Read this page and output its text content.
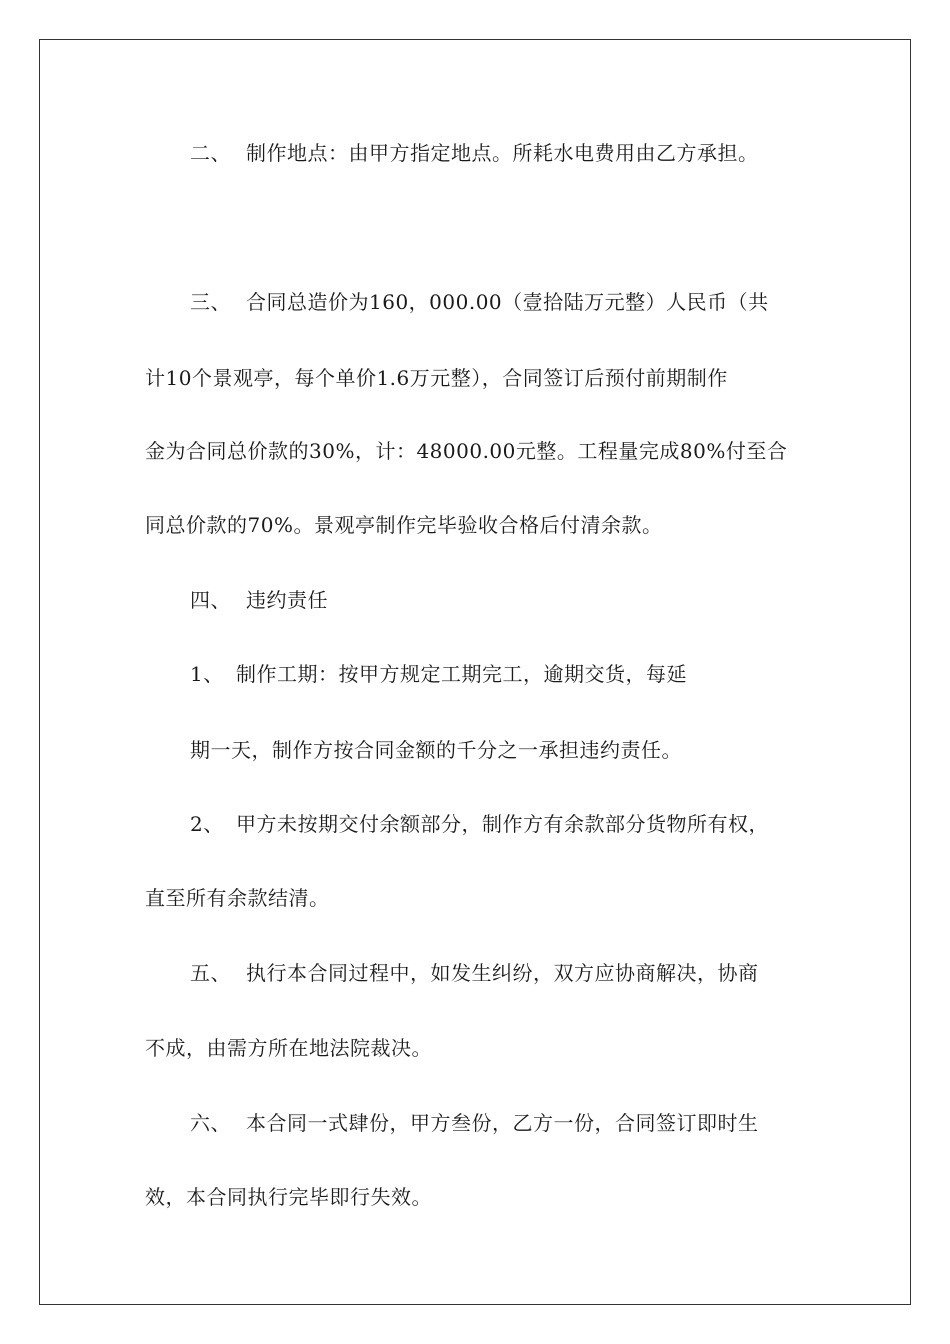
二、 制作地点：由甲方指定地点。所耗水电费用由乙方承担。
三、 合同总造价为160，000.00（壹拾陆万元整）人民币（共
计10个景观亭，每个单价1.6万元整），合同签订后预付前期制作
金为合同总价款的30%，计：48000.00元整。工程量完成80%付至合
同总价款的70%。景观亭制作完毕验收合格后付清余款。
四、 违约责任
1、 制作工期：按甲方规定工期完工，逾期交货，每延
期一天，制作方按合同金额的千分之一承担违约责任。
2、 甲方未按期交付余额部分，制作方有余款部分货物所有权，
直至所有余款结清。
五、 执行本合同过程中，如发生纠纷，双方应协商解决，协商
不成，由需方所在地法院裁决。
六、 本合同一式肆份，甲方叁份，乙方一份，合同签订即时生
效，本合同执行完毕即行失效。
